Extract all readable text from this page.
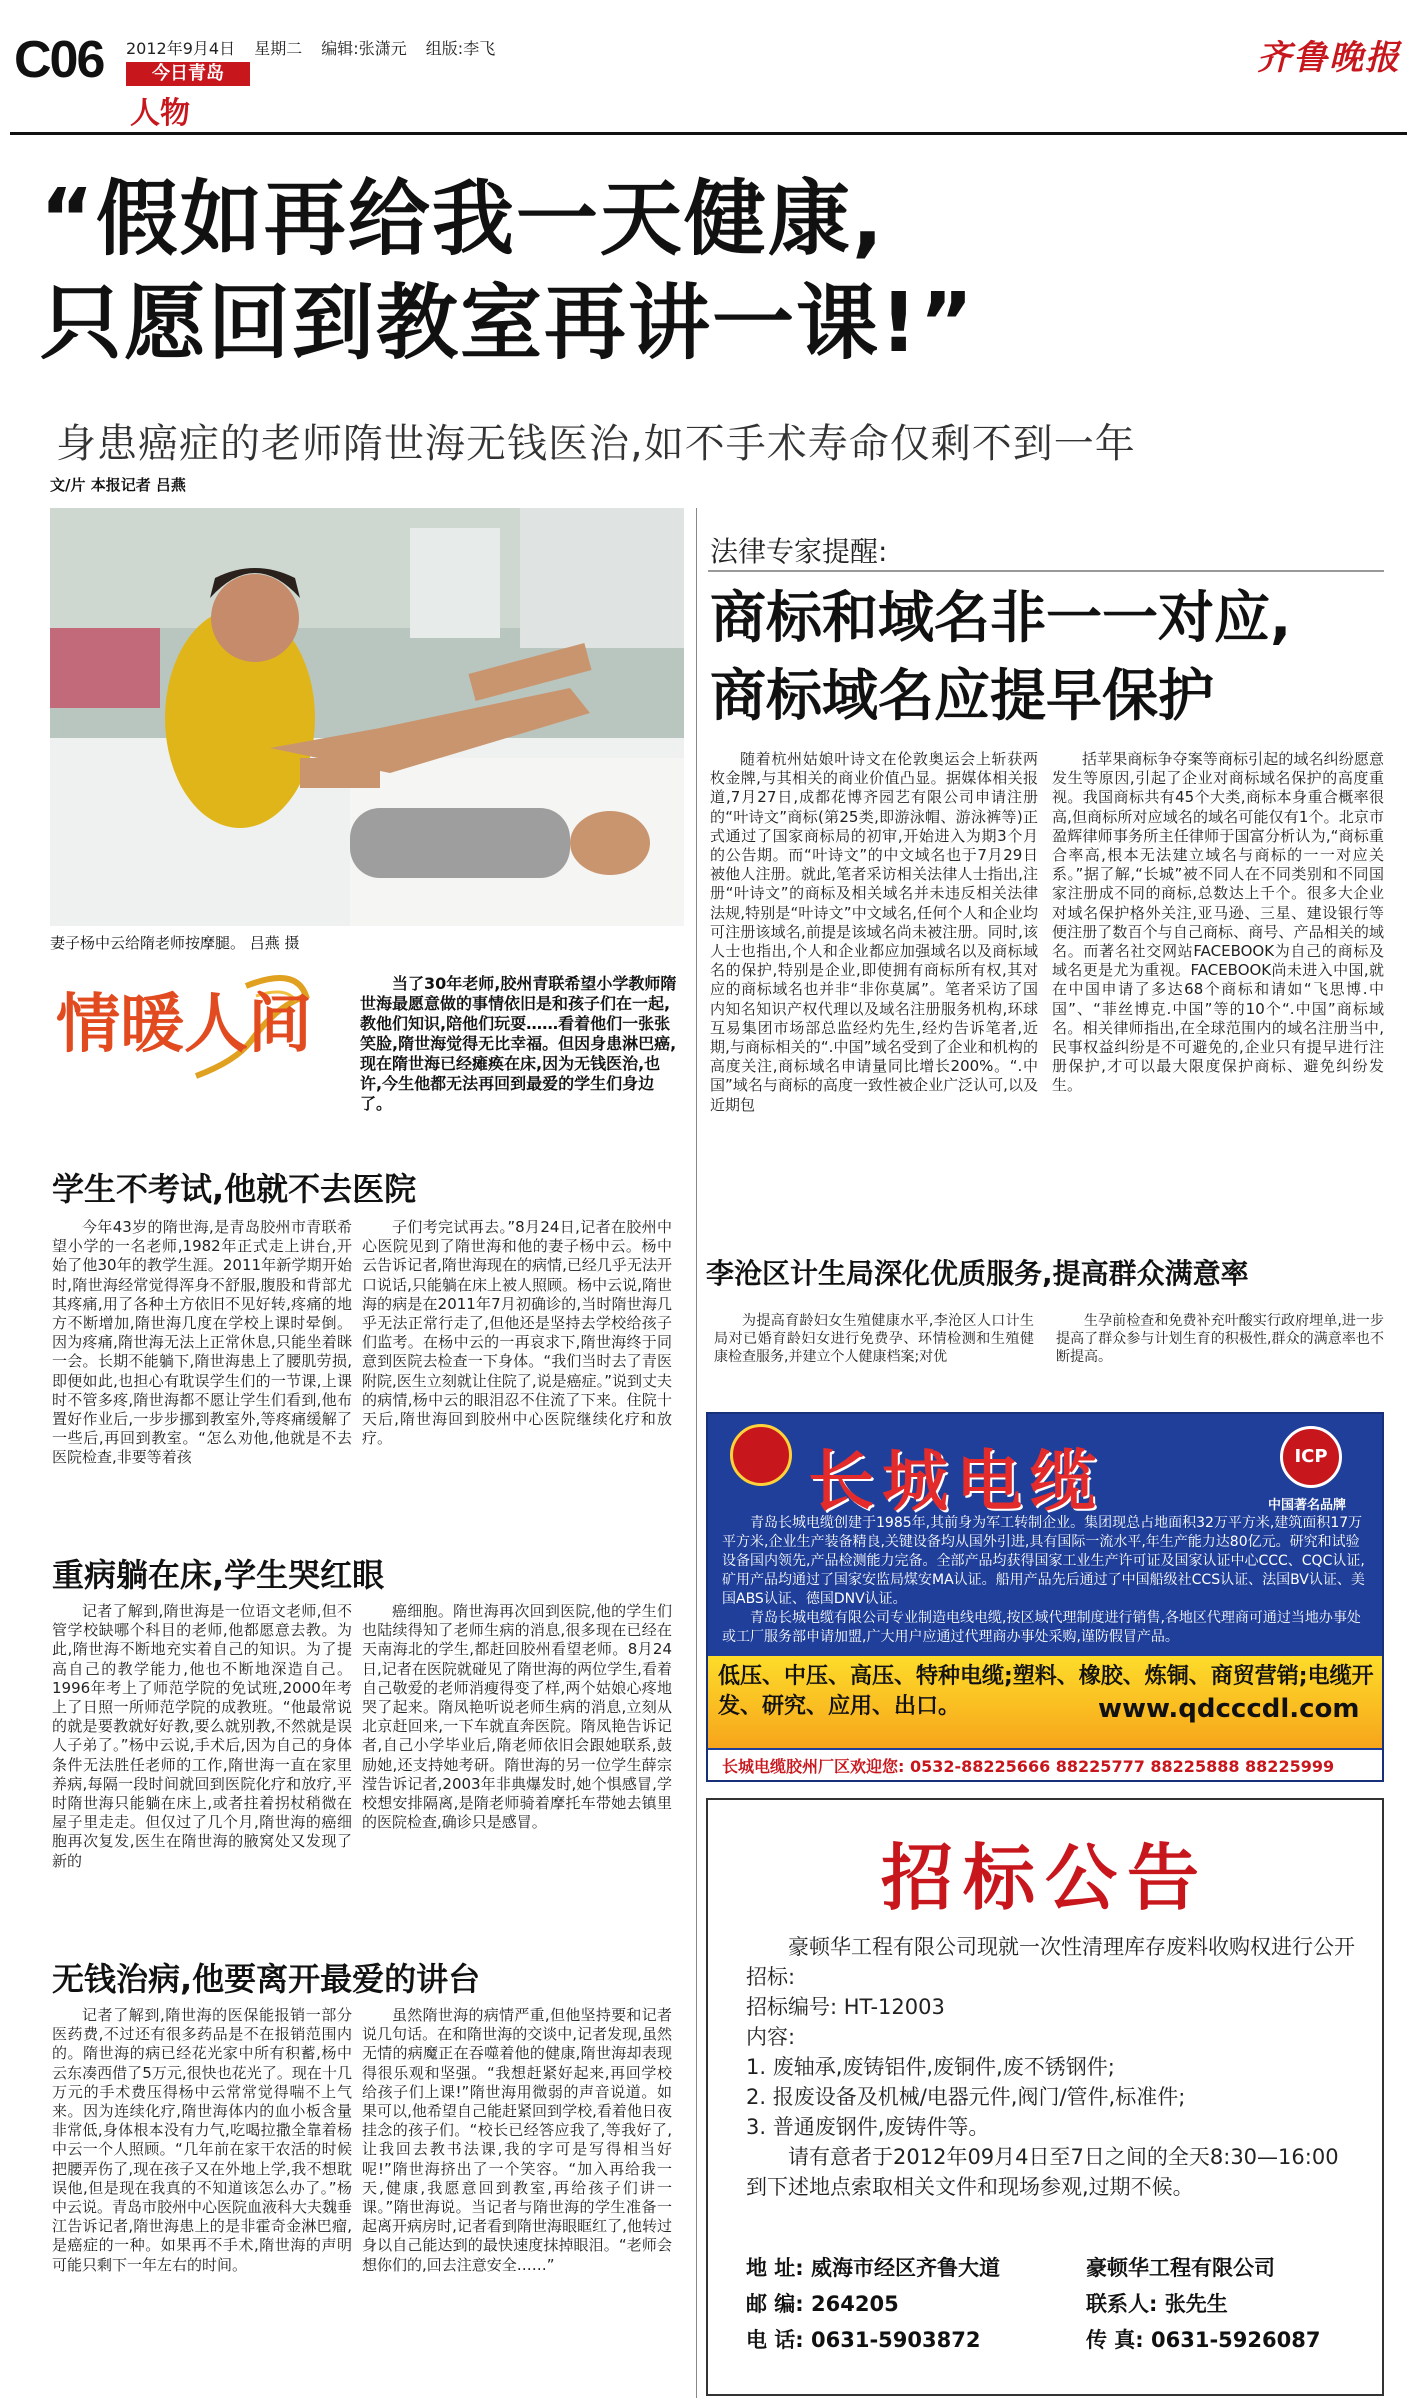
C06 2012年9月4日 星期二 编辑:张潇元 组版:李飞
今日青岛
人物
齐鲁晚报
“假如再给我一天健康,
只愿回到教室再讲一课!”
身患癌症的老师隋世海无钱医治,如不手术寿命仅剩不到一年
文/片 本报记者 吕燕
妻子杨中云给隋老师按摩腿。 吕燕 摄
情暖人间
当了30年老师,胶州青联希望小学教师隋世海最愿意做的事情依旧是和孩子们在一起,教他们知识,陪他们玩耍……看着他们一张张笑脸,隋世海觉得无比幸福。但因身患淋巴癌,现在隋世海已经瘫痪在床,因为无钱医治,也许,今生他都无法再回到最爱的学生们身边了。
学生不考试,他就不去医院

今年43岁的隋世海,是青岛胶州市青联希望小学的一名老师,1982年正式走上讲台,开始了他30年的教学生涯。2011年新学期开始时,隋世海经常觉得浑身不舒服,腹股和背部尤其疼痛,用了各种土方依旧不见好转,疼痛的地方不断增加,隋世海几度在学校上课时晕倒。因为疼痛,隋世海无法上正常休息,只能坐着眯一会。长期不能躺下,隋世海患上了腰肌劳损,即便如此,也担心有耽误学生们的一节课,上课时不管多疼,隋世海都不愿让学生们看到,他布置好作业后,一步步挪到教室外,等疼痛缓解了一些后,再回到教室。“怎么劝他,他就是不去医院检查,非要等着孩

子们考完试再去。”8月24日,记者在胶州中心医院见到了隋世海和他的妻子杨中云。杨中云告诉记者,隋世海现在的病情,已经几乎无法开口说话,只能躺在床上被人照顾。杨中云说,隋世海的病是在2011年7月初确诊的,当时隋世海几乎无法正常行走了,但他还是坚持去学校给孩子们监考。在杨中云的一再哀求下,隋世海终于同意到医院去检查一下身体。“我们当时去了青医附院,医生立刻就让住院了,说是癌症。”说到丈夫的病情,杨中云的眼泪忍不住流了下来。住院十天后,隋世海回到胶州中心医院继续化疗和放疗。

重病躺在床,学生哭红眼

记者了解到,隋世海是一位语文老师,但不管学校缺哪个科目的老师,他都愿意去教。为此,隋世海不断地充实着自己的知识。为了提高自己的教学能力,他也不断地深造自己。1996年考上了师范学院的免试班,2000年考上了日照一所师范学院的成教班。“他最常说的就是要教就好好教,要么就别教,不然就是误人子弟了。”杨中云说,手术后,因为自己的身体条件无法胜任老师的工作,隋世海一直在家里养病,每隔一段时间就回到医院化疗和放疗,平时隋世海只能躺在床上,或者拄着拐杖稍微在屋子里走走。但仅过了几个月,隋世海的癌细胞再次复发,医生在隋世海的腋窝处又发现了新的

癌细胞。隋世海再次回到医院,他的学生们也陆续得知了老师生病的消息,很多现在已经在天南海北的学生,都赶回胶州看望老师。8月24日,记者在医院就碰见了隋世海的两位学生,看着自己敬爱的老师消瘦得变了样,两个姑娘心疼地哭了起来。隋凤艳听说老师生病的消息,立刻从北京赶回来,一下车就直奔医院。隋凤艳告诉记者,自己小学毕业后,隋老师依旧会跟她联系,鼓励她,还支持她考研。隋世海的另一位学生薛宗滢告诉记者,2003年非典爆发时,她个惧感冒,学校想安排隔离,是隋老师骑着摩托车带她去镇里的医院检查,确诊只是感冒。

无钱治病,他要离开最爱的讲台

记者了解到,隋世海的医保能报销一部分医药费,不过还有很多药品是不在报销范围内的。隋世海的病已经花光家中所有积蓄,杨中云东凑西借了5万元,很快也花光了。现在十几万元的手术费压得杨中云常常觉得喘不上气来。因为连续化疗,隋世海体内的血小板含量非常低,身体根本没有力气,吃喝拉撒全靠着杨中云一个人照顾。“几年前在家干农活的时候把腰弄伤了,现在孩子又在外地上学,我不想耽误他,但是现在我真的不知道该怎么办了。”杨中云说。青岛市胶州中心医院血液科大夫魏垂江告诉记者,隋世海患上的是非霍奇金淋巴瘤,是癌症的一种。如果再不手术,隋世海的声明可能只剩下一年左右的时间。

虽然隋世海的病情严重,但他坚持要和记者说几句话。在和隋世海的交谈中,记者发现,虽然无情的病魔正在吞噬着他的健康,隋世海却表现得很乐观和坚强。“我想赶紧好起来,再回学校给孩子们上课!”隋世海用微弱的声音说道。如果可以,他希望自己能赶紧回到学校,看着他日夜挂念的孩子们。“校长已经答应我了,等我好了,让我回去教书法课,我的字可是写得相当好呢!”隋世海挤出了一个笑容。“加入再给我一天,健康,我愿意回到教室,再给孩子们讲一课。”隋世海说。当记者与隋世海的学生准备一起离开病房时,记者看到隋世海眼眶红了,他转过身以自己能达到的最快速度抹掉眼泪。“老师会想你们的,回去注意安全……”

法律专家提醒:
商标和域名非一一对应,
商标域名应提早保护

随着杭州姑娘叶诗文在伦敦奥运会上斩获两枚金牌,与其相关的商业价值凸显。据媒体相关报道,7月27日,成都花博齐园艺有限公司申请注册的“叶诗文”商标(第25类,即游泳帽、游泳裤等)正式通过了国家商标局的初审,开始进入为期3个月的公告期。而“叶诗文”的中文域名也于7月29日被他人注册。就此,笔者采访相关法律人士指出,注册“叶诗文”的商标及相关域名并未违反相关法律法规,特别是“叶诗文”中文域名,任何个人和企业均可注册该域名,前提是该域名尚未被注册。同时,该人士也指出,个人和企业都应加强域名以及商标域名的保护,特别是企业,即使拥有商标所有权,其对应的商标域名也并非“非你莫属”。笔者采访了国内知名知识产权代理以及域名注册服务机构,环球互易集团市场部总监经灼先生,经灼告诉笔者,近期,与商标相关的“.中国”域名受到了企业和机构的高度关注,商标域名申请量同比增长200%。“.中国”域名与商标的高度一致性被企业广泛认可,以及近期包

括苹果商标争夺案等商标引起的域名纠纷愿意发生等原因,引起了企业对商标域名保护的高度重视。我国商标共有45个大类,商标本身重合概率很高,但商标所对应域名的域名可能仅有1个。北京市盈辉律师事务所主任律师于国富分析认为,“商标重合率高,根本无法建立域名与商标的一一对应关系。”据了解,“长城”被不同人在不同类别和不同国家注册成不同的商标,总数达上千个。很多大企业对域名保护格外关注,亚马逊、三星、建设银行等便注册了数百个与自己商标、商号、产品相关的域名。而著名社交网站FACEBOOK为自己的商标及域名更是尤为重视。FACEBOOK尚未进入中国,就在中国申请了多达68个商标和请如“飞思博.中国”、“菲丝博克.中国”等的10个“.中国”商标域名。相关律师指出,在全球范围内的域名注册当中,民事权益纠纷是不可避免的,企业只有提早进行注册保护,才可以最大限度保护商标、避免纠纷发生。

李沧区计生局深化优质服务,提高群众满意率

为提高育龄妇女生殖健康水平,李沧区人口计生局对已婚育龄妇女进行免费孕、环情检测和生殖健康检查服务,并建立个人健康档案;对优

生孕前检查和免费补充叶酸实行政府埋单,进一步提高了群众参与计划生育的积极性,群众的满意率也不断提高。

长城电缆	ICP
中国著名品牌

青岛长城电缆创建于1985年,其前身为军工转制企业。集团现总占地面积32万平方米,建筑面积17万平方米,企业生产装备精良,关键设备均从国外引进,具有国际一流水平,年生产能力达80亿元。研究和试验设备国内领先,产品检测能力完备。全部产品均获得国家工业生产许可证及国家认证中心CCC、CQC认证,矿用产品均通过了国家安监局煤安MA认证。船用产品先后通过了中国船级社CCS认证、法国BV认证、美国ABS认证、德国DNV认证。

青岛长城电缆有限公司专业制造电线电缆,按区域代理制度进行销售,各地区代理商可通过当地办事处或工厂服务部申请加盟,广大用户应通过代理商办事处采购,谨防假冒产品。

低压、中压、高压、特种电缆;塑料、橡胶、炼铜、商贸营销;电缆开发、研究、应用、出口。	www.qdcccdl.com
长城电缆胶州厂区欢迎您: 0532-88225666 88225777 88225888 88225999
招标公告
豪顿华工程有限公司现就一次性清理库存废料收购权进行公开招标:
招标编号: HT-12003
内容:
1. 废轴承,废铸铝件,废铜件,废不锈钢件;
2. 报废设备及机械/电器元件,阀门/管件,标准件;
3. 普通废钢件,废铸件等。
请有意者于2012年09月4日至7日之间的全天8:30—16:00到下述地点索取相关文件和现场参观,过期不候。
地 址: 威海市经区齐鲁大道	豪顿华工程有限公司
邮 编: 264205	联系人: 张先生
电 话: 0631-5903872	传 真: 0631-5926087
